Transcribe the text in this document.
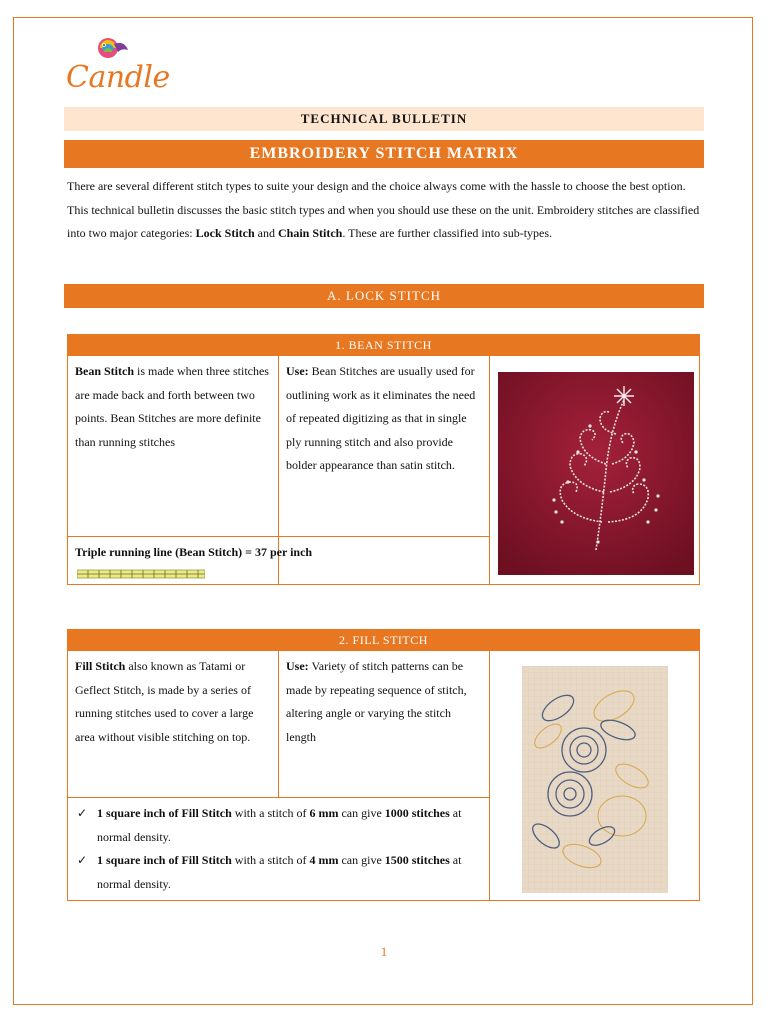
Candle
TECHNICAL BULLETIN
EMBROIDERY STITCH MATRIX
There are several different stitch types to suite your design and the choice always come with the hassle to choose the best option. This technical bulletin discusses the basic stitch types and when you should use these on the unit. Embroidery stitches are classified into two major categories: Lock Stitch and Chain Stitch. These are further classified into sub-types.
A. LOCK STITCH
1. BEAN STITCH
Bean Stitch is made when three stitches are made back and forth between two points. Bean Stitches are more definite than running stitches
Use: Bean Stitches are usually used for outlining work as it eliminates the need of repeated digitizing as that in single ply running stitch and also provide bolder appearance than satin stitch.
Triple running line (Bean Stitch) = 37 per inch
2. FILL STITCH
Fill Stitch also known as Tatami or Geflect Stitch, is made by a series of running stitches used to cover a large area without visible stitching on top.
Use: Variety of stitch patterns can be made by repeating sequence of stitch, altering angle or varying the stitch length
✓ 1 square inch of Fill Stitch with a stitch of 6 mm can give 1000 stitches at normal density.
✓ 1 square inch of Fill Stitch with a stitch of 4 mm can give 1500 stitches at normal density.
1
